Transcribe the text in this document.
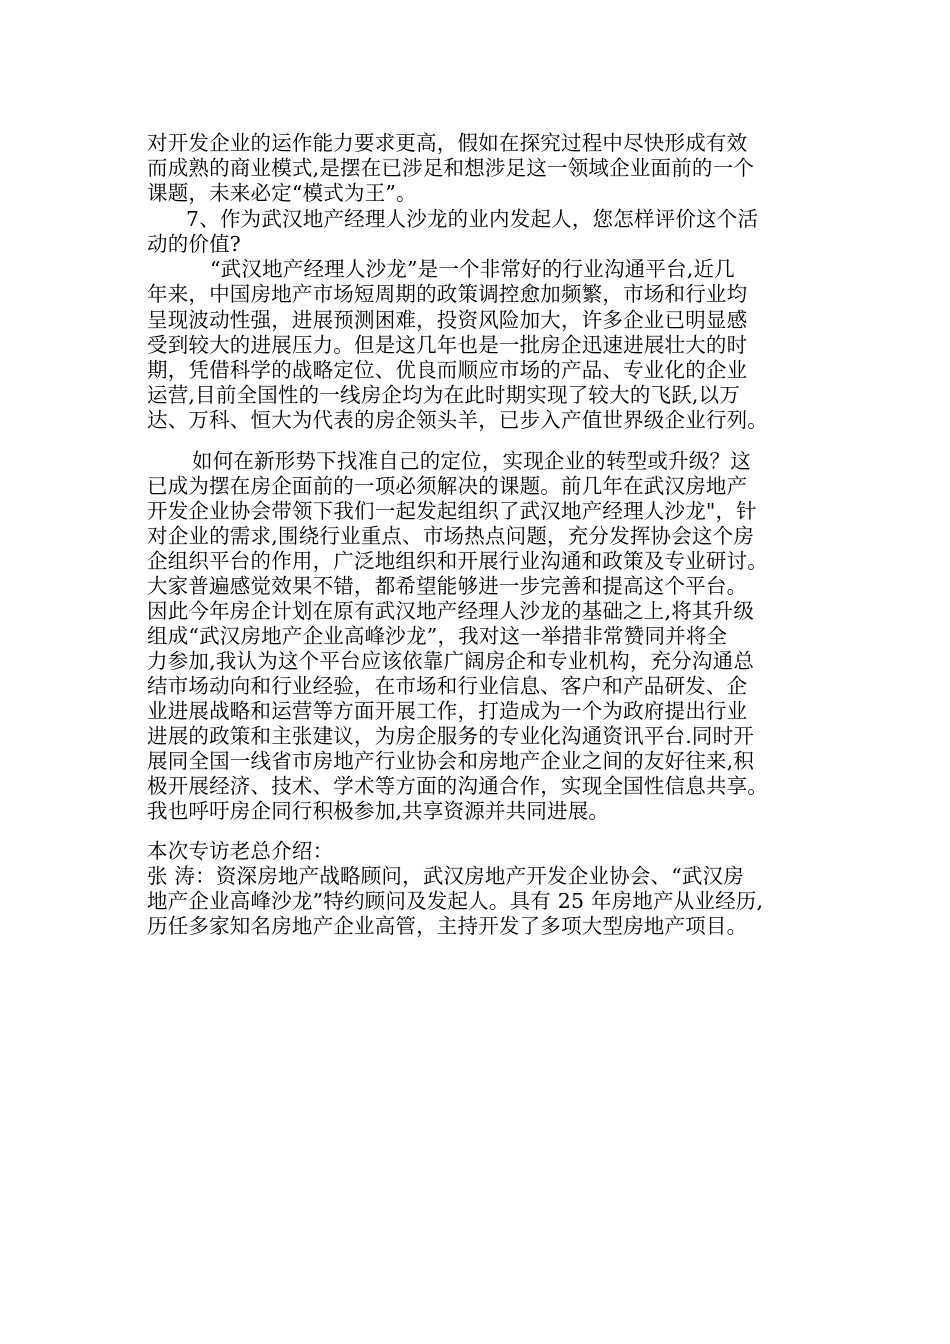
对开发企业的运作能力要求更高，假如在探究过程中尽快形成有效
而成熟的商业模式,是摆在已涉足和想涉足这一领域企业面前的一个
课题，未来必定“模式为王”。
7、作为武汉地产经理人沙龙的业内发起人，您怎样评价这个活
动的价值?
“武汉地产经理人沙龙”是一个非常好的行业沟通平台,近几
年来，中国房地产市场短周期的政策调控愈加频繁，市场和行业均
呈现波动性强，进展预测困难，投资风险加大，许多企业已明显感
受到较大的进展压力。但是这几年也是一批房企迅速进展壮大的时
期，凭借科学的战略定位、优良而顺应市场的产品、专业化的企业
运营,目前全国性的一线房企均为在此时期实现了较大的飞跃,以万
达、万科、恒大为代表的房企领头羊，已步入产值世界级企业行列。
如何在新形势下找准自己的定位，实现企业的转型或升级？这
已成为摆在房企面前的一项必须解决的课题。前几年在武汉房地产
开发企业协会带领下我们一起发起组织了武汉地产经理人沙龙"，针
对企业的需求,围绕行业重点、市场热点问题，充分发挥协会这个房
企组织平台的作用，广泛地组织和开展行业沟通和政策及专业研讨。
大家普遍感觉效果不错，都希望能够进一步完善和提高这个平台。
因此今年房企计划在原有武汉地产经理人沙龙的基础之上,将其升级
组成“武汉房地产企业高峰沙龙”，我对这一举措非常赞同并将全
力参加,我认为这个平台应该依靠广阔房企和专业机构，充分沟通总
结市场动向和行业经验，在市场和行业信息、客户和产品研发、企
业进展战略和运营等方面开展工作，打造成为一个为政府提出行业
进展的政策和主张建议，为房企服务的专业化沟通资讯平台.同时开
展同全国一线省市房地产行业协会和房地产企业之间的友好往来,积
极开展经济、技术、学术等方面的沟通合作，实现全国性信息共享。
我也呼吁房企同行积极参加,共享资源并共同进展。
本次专访老总介绍：
张 涛：资深房地产战略顾问，武汉房地产开发企业协会、“武汉房
地产企业高峰沙龙”特约顾问及发起人。具有 25 年房地产从业经历,
历任多家知名房地产企业高管，主持开发了多项大型房地产项目。
